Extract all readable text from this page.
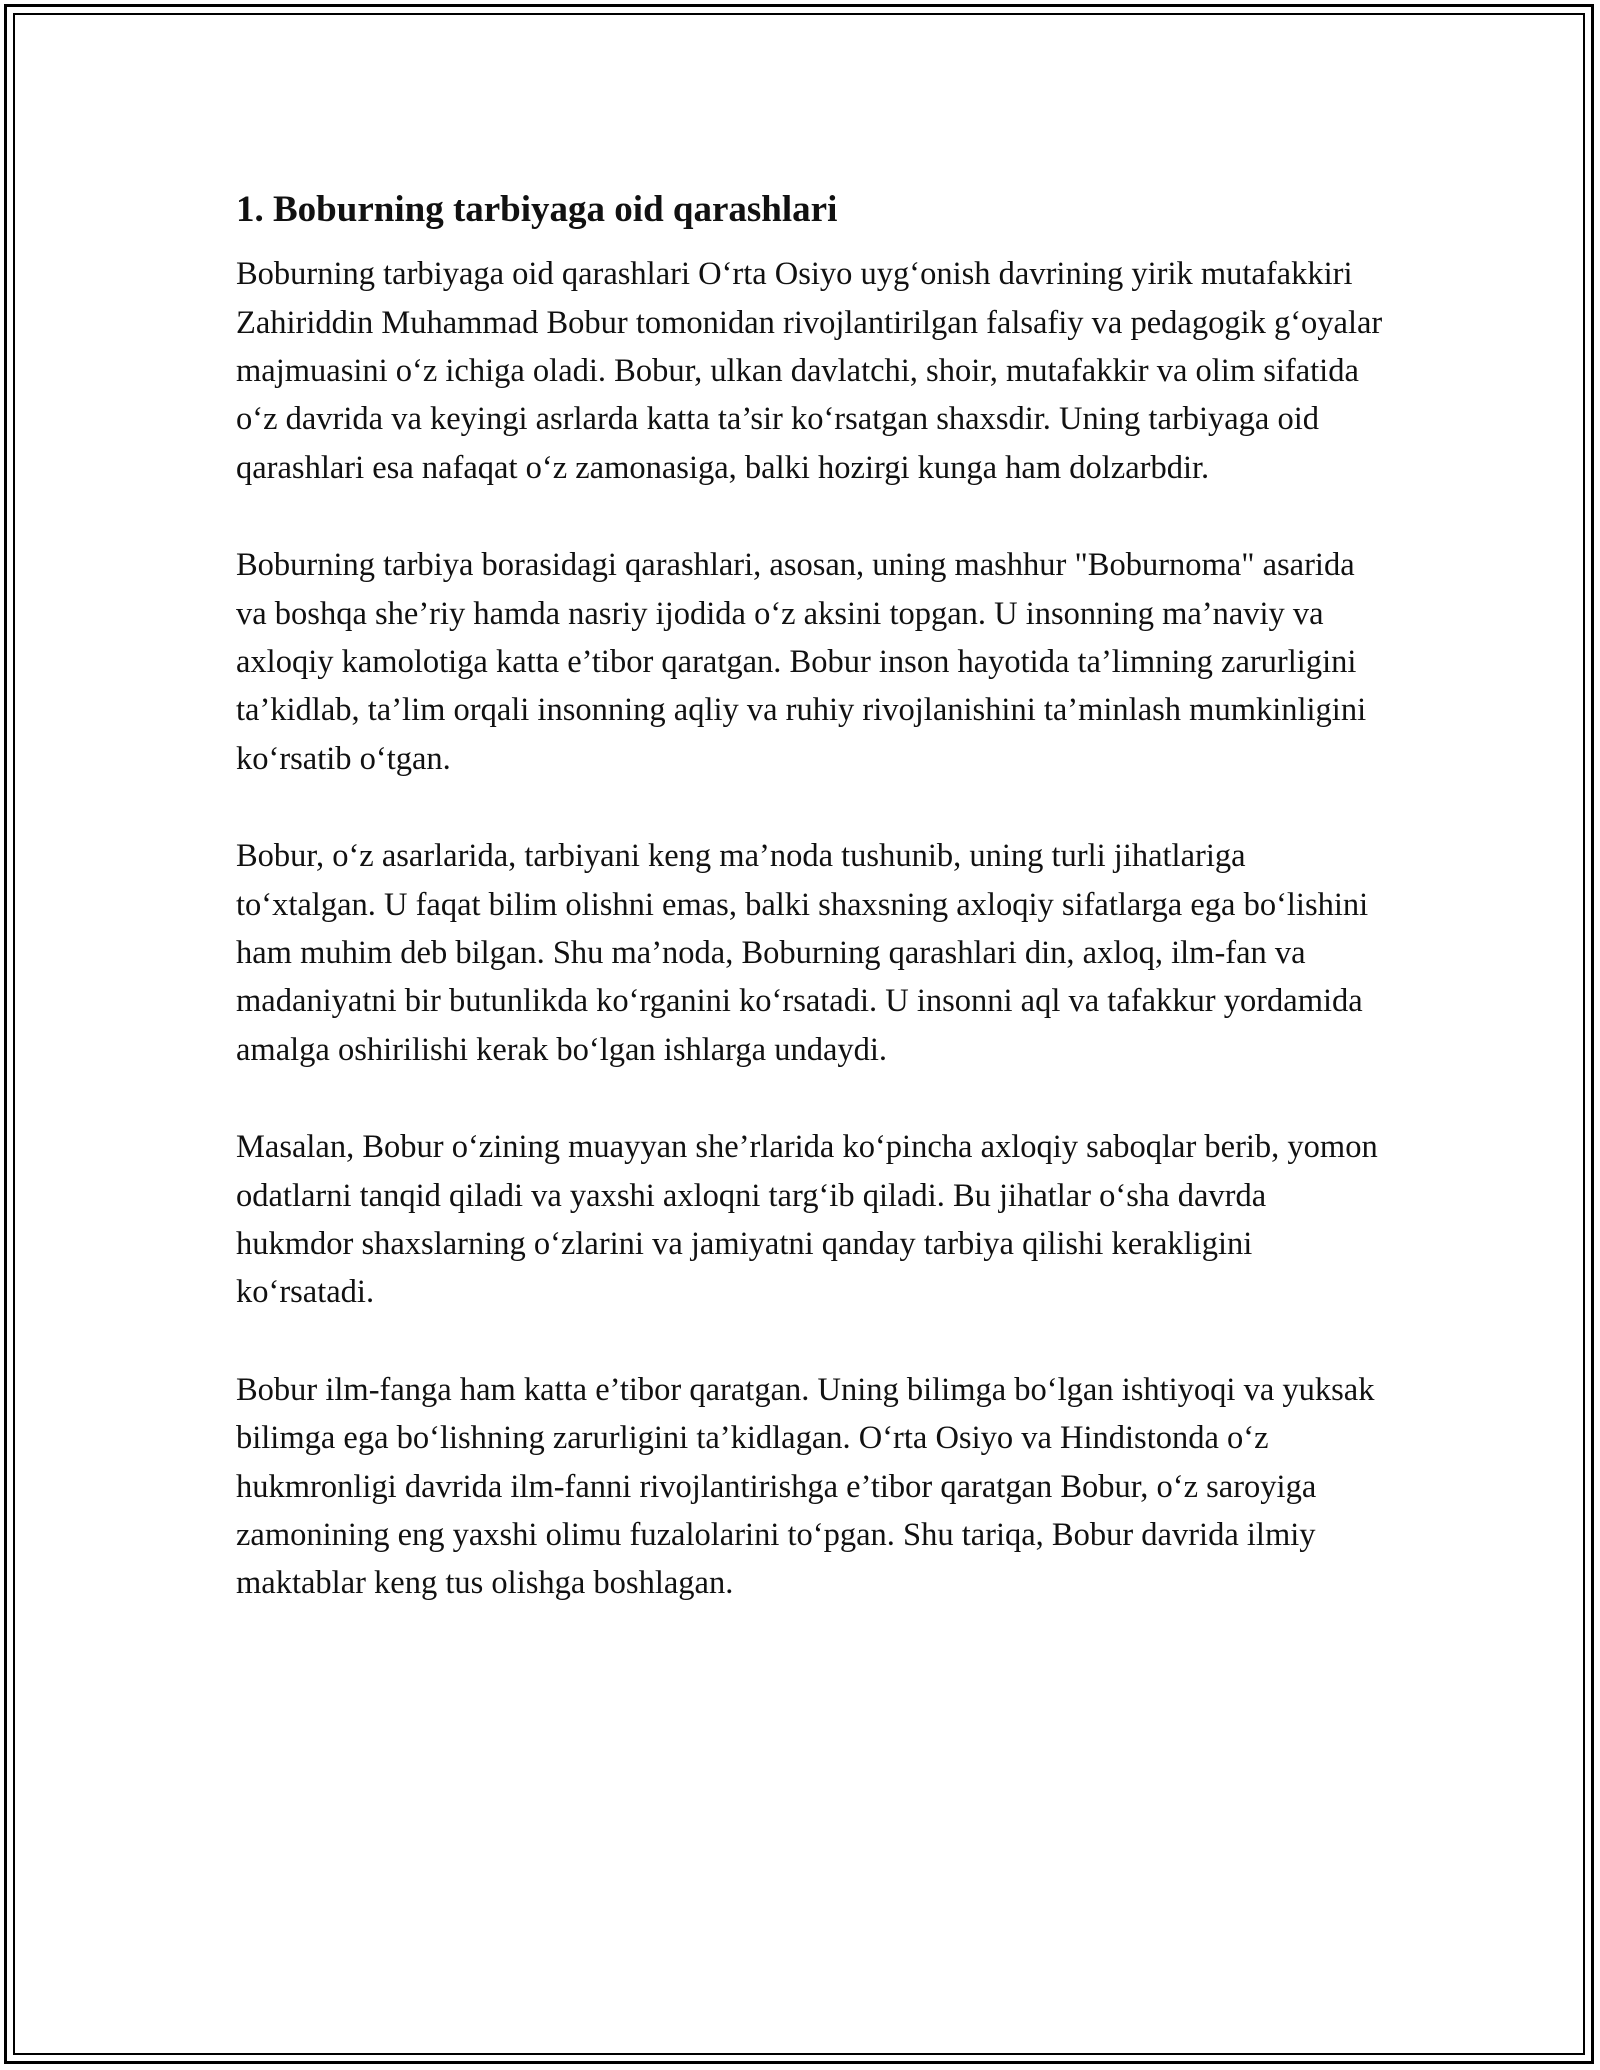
1. Boburning tarbiyaga oid qarashlari

Boburning tarbiyaga oid qarashlari O‘rta Osiyo uyg‘onish davrining yirik mutafakkiri Zahiriddin Muhammad Bobur tomonidan rivojlantirilgan falsafiy va pedagogik g‘oyalar majmuasini o‘z ichiga oladi. Bobur, ulkan davlatchi, shoir, mutafakkir va olim sifatida o‘z davrida va keyingi asrlarda katta ta’sir ko‘rsatgan shaxsdir. Uning tarbiyaga oid qarashlari esa nafaqat o‘z zamonasiga, balki hozirgi kunga ham dolzarbdir.

Boburning tarbiya borasidagi qarashlari, asosan, uning mashhur "Boburnoma" asarida va boshqa she’riy hamda nasriy ijodida o‘z aksini topgan. U insonning ma’naviy va axloqiy kamolotiga katta e’tibor qaratgan. Bobur inson hayotida ta’limning zarurligini ta’kidlab, ta’lim orqali insonning aqliy va ruhiy rivojlanishini ta’minlash mumkinligini ko‘rsatib o‘tgan.

Bobur, o‘z asarlarida, tarbiyani keng ma’noda tushunib, uning turli jihatlariga to‘xtalgan. U faqat bilim olishni emas, balki shaxsning axloqiy sifatlarga ega bo‘lishini ham muhim deb bilgan. Shu ma’noda, Boburning qarashlari din, axloq, ilm-fan va madaniyatni bir butunlikda ko‘rganini ko‘rsatadi. U insonni aql va tafakkur yordamida amalga oshirilishi kerak bo‘lgan ishlarga undaydi.

Masalan, Bobur o‘zining muayyan she’rlarida ko‘pincha axloqiy saboqlar berib, yomon odatlarni tanqid qiladi va yaxshi axloqni targ‘ib qiladi. Bu jihatlar o‘sha davrda hukmdor shaxslarning o‘zlarini va jamiyatni qanday tarbiya qilishi kerakligini ko‘rsatadi.

Bobur ilm-fanga ham katta e’tibor qaratgan. Uning bilimga bo‘lgan ishtiyoqi va yuksak bilimga ega bo‘lishning zarurligini ta’kidlagan. O‘rta Osiyo va Hindistonda o‘z hukmronligi davrida ilm-fanni rivojlantirishga e’tibor qaratgan Bobur, o‘z saroyiga zamonining eng yaxshi olimu fuzalolarini to‘pgan. Shu tariqa, Bobur davrida ilmiy maktablar keng tus olishga boshlagan.
